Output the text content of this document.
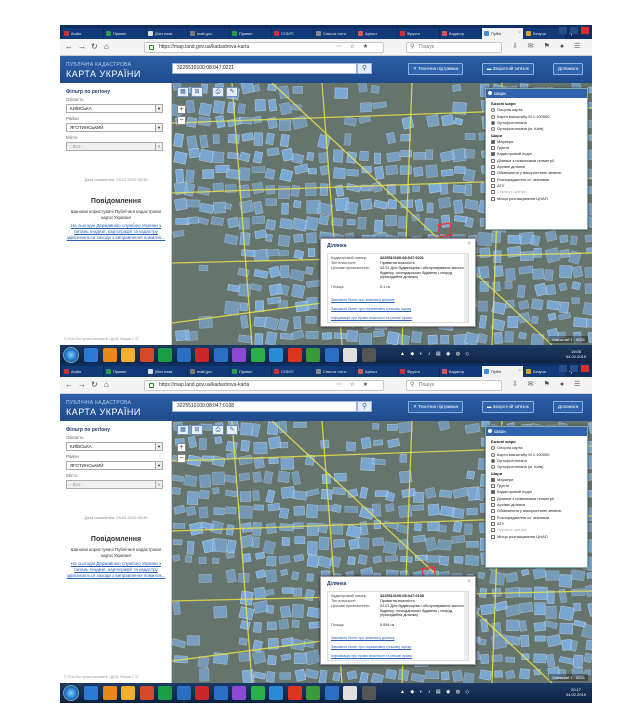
Audio	Приват	(Без назв	mail.gov.	Приват	CONTI	Список лота	Арешт	Фрукто	Кадастр	Публі	×	Безуча
← → ↻ ⌂	https://map.land.gov.ua/kadastrova-karta	⋯ ☆ ★	⚲ Пошук	⇩ ✉ ⚑ ● ☰
ПУБЛІЧНА КАДАСТРОВА
КАРТА УКРАЇНИ
3225510100:08:047:0221	⚲	✕ Технічна підтримка	▬ Зворотній зв'язок	Допомога
Фільтр по регіону
Область
КИЇВСЬКА	▼
Район
ЯГОТИНСЬКИЙ	▼
Місто
- Все -	▼
Дата оновлення: 03.02.2019 03:30
Повідомлення
Шановні користувачі Публічної кадастрової карти України!
На сьогодні Державною службою України з питань геодезії, картографії та кадастру здійснюються заходи з виправлення помилок...
© 2016 Всі права захищені. ЦДЗК. Версія 1.17
▦	⊞	⎙	✎
+
−
Шари
Базові шари
Опорна карта
Карта масштабу М 1:100000
Ортофотоплани
Ортофотоплани (м. Київ)
Шари
Маркери
Ґрунти
Кадастровий поділ
Ділянки з помилками геометрії
Архівні ділянки
Обмеження у використанні земель
Розпорядження с/г землями
АТУ
Сервісні центри
Місця розташування ЦНАП
Ділянка	×
Кадастровий номер:	3225510100:08:047:0221
Тип власності:	Приватна власність
Цільове призначення:	02.01 Для будівництва і обслуговування жилого будинку, господарських будівель і споруд (присадибна ділянка)
Площа:	0.1 га
Замовити Витяг про земельну ділянку
Замовити Витяг про нормативну грошову оцінку
Інформація про право власності та речові права
Масштаб 1 : 8531
▲ ◆ ◐ ♪ ▤ ◉ ◍ ◇	19:05
04.02.2019
Audio	Приват	(Без назв	mail.gov.	Приват	CONTI	Список лота	Арешт	Фрукто	Кадастр	Публі	×	Безуча
← → ↻ ⌂	https://map.land.gov.ua/kadastrova-karta	⋯ ☆ ★	⚲ Пошук	⇩ ✉ ⚑ ● ☰
ПУБЛІЧНА КАДАСТРОВА
КАРТА УКРАЇНИ
3225510100:08:047:0108	⚲	✕ Технічна підтримка	▬ Зворотній зв'язок	Допомога
Фільтр по регіону
Область
КИЇВСЬКА	▼
Район
ЯГОТИНСЬКИЙ	▼
Місто
- Все -	▼
Дата оновлення: 03.02.2019 03:30
Повідомлення
Шановні користувачі Публічної кадастрової карти України!
На сьогодні Державною службою України з питань геодезії, картографії та кадастру здійснюються заходи з виправлення помилок...
© 2016 Всі права захищені. ЦДЗК. Версія 1.17
▦	⊞	⎙	✎
+
−
Шари
Базові шари
Опорна карта
Карта масштабу М 1:100000
Ортофотоплани
Ортофотоплани (м. Київ)
Шари
Маркери
Ґрунти
Кадастровий поділ
Ділянки з помилками геометрії
Архівні ділянки
Обмеження у використанні земель
Розпорядження с/г землями
АТУ
Сервісні центри
Місця розташування ЦНАП
Ділянка	×
Кадастровий номер:	3225510100:08:047:0108
Тип власності:	Приватна власність
Цільове призначення:	02.01 Для будівництва і обслуговування жилого будинку, господарських будівель і споруд (присадибна ділянка)
Площа:	0.094 га
Замовити Витяг про земельну ділянку
Замовити Витяг про нормативну грошову оцінку
Інформація про право власності та речові права
Масштаб 1 : 8531
▲ ◆ ◐ ♪ ▤ ◉ ◍ ◇	20:17
04.02.2019
